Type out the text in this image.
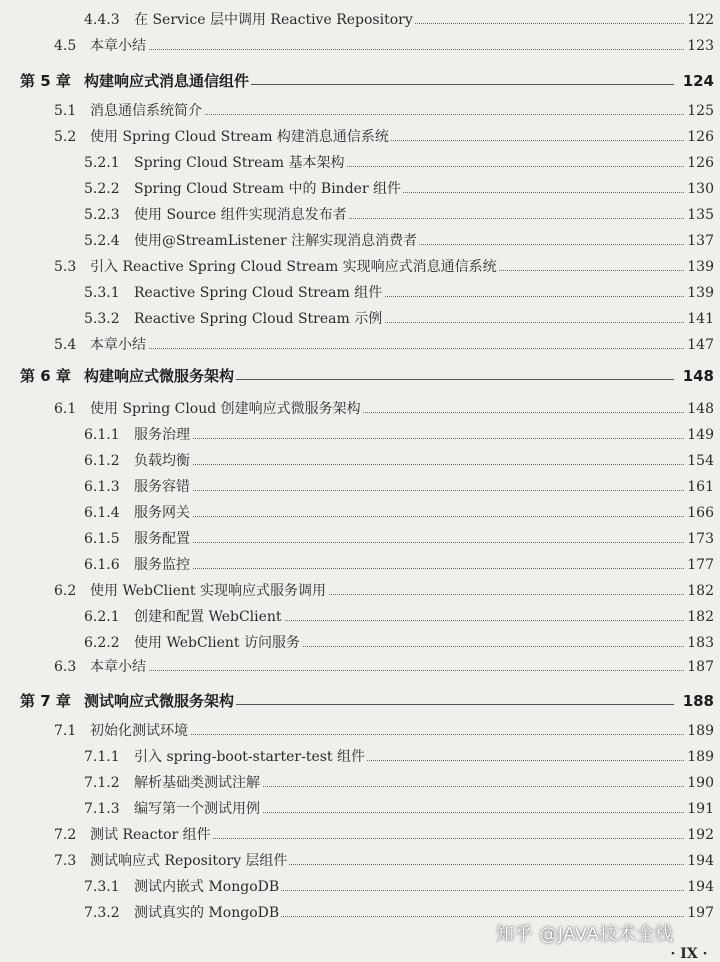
4.4.3 在 Service 层中调用 Reactive Repository	122
4.5 本章小结	123
第 5 章 构建响应式消息通信组件	124
5.1 消息通信系统简介	125
5.2 使用 Spring Cloud Stream 构建消息通信系统	126
5.2.1 Spring Cloud Stream 基本架构	126
5.2.2 Spring Cloud Stream 中的 Binder 组件	130
5.2.3 使用 Source 组件实现消息发布者	135
5.2.4 使用@StreamListener 注解实现消息消费者	137
5.3 引入 Reactive Spring Cloud Stream 实现响应式消息通信系统	139
5.3.1 Reactive Spring Cloud Stream 组件	139
5.3.2 Reactive Spring Cloud Stream 示例	141
5.4 本章小结	147
第 6 章 构建响应式微服务架构	148
6.1 使用 Spring Cloud 创建响应式微服务架构	148
6.1.1 服务治理	149
6.1.2 负载均衡	154
6.1.3 服务容错	161
6.1.4 服务网关	166
6.1.5 服务配置	173
6.1.6 服务监控	177
6.2 使用 WebClient 实现响应式服务调用	182
6.2.1 创建和配置 WebClient	182
6.2.2 使用 WebClient 访问服务	183
6.3 本章小结	187
第 7 章 测试响应式微服务架构	188
7.1 初始化测试环境	189
7.1.1 引入 spring-boot-starter-test 组件	189
7.1.2 解析基础类测试注解	190
7.1.3 编写第一个测试用例	191
7.2 测试 Reactor 组件	192
7.3 测试响应式 Repository 层组件	194
7.3.1 测试内嵌式 MongoDB	194
7.3.2 测试真实的 MongoDB	197
知乎 @JAVA技术全栈
· IX ·
